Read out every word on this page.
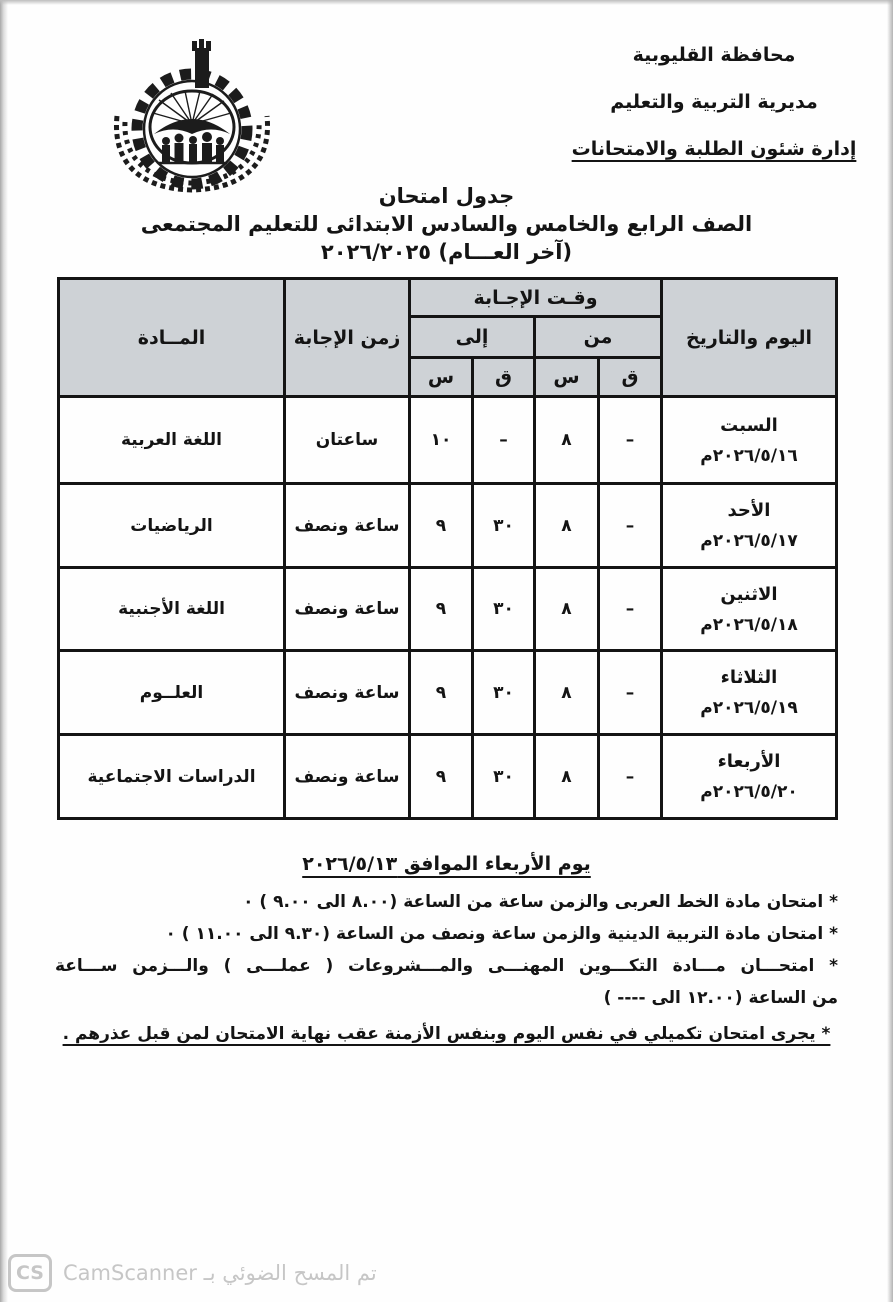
محافظة القليوبية
مديرية التربية والتعليم
إدارة شئون الطلبة والامتحانات
جدول امتحان
الصف الرابع والخامس والسادس الابتدائى للتعليم المجتمعى
(آخر العـــام) ٢٠٢٦/٢٠٢٥
اليوم والتاريخ	وقـت الإجـابة				زمن الإجابة	المــادة
	من		إلى			
	ق	س	ق	س		

السبت
٢٠٢٦/٥/١٦م	–	٨	–	١٠	ساعتان	اللغة العربية

الأحد
٢٠٢٦/٥/١٧م	–	٨	٣٠	٩	ساعة ونصف	الرياضيات

الاثنين
٢٠٢٦/٥/١٨م	–	٨	٣٠	٩	ساعة ونصف	اللغة الأجنبية

الثلاثاء
٢٠٢٦/٥/١٩م	–	٨	٣٠	٩	ساعة ونصف	العلــوم

الأربعاء
٢٠٢٦/٥/٢٠م	–	٨	٣٠	٩	ساعة ونصف	الدراسات الاجتماعية
يوم الأربعاء الموافق ٢٠٢٦/٥/١٣
* امتحان مادة الخط العربى والزمن ساعة من الساعة (٨.٠٠ الى ٩.٠٠ ) ٠
* امتحان مادة التربية الدينية والزمن ساعة ونصف من الساعة (٩.٣٠ الى ١١.٠٠ ) ٠
* امتحـــان مـــادة التكـــوين المهنـــى والمـــشروعات ( عملـــى ) والـــزمن ســـاعة
من الساعة (١٢.٠٠ الى ---- )
* يجرى امتحان تكميلي في نفس اليوم وبنفس الأزمنة عقب نهاية الامتحان لمن قبل عذرهم .
CS تم المسح الضوئي بـ CamScanner
